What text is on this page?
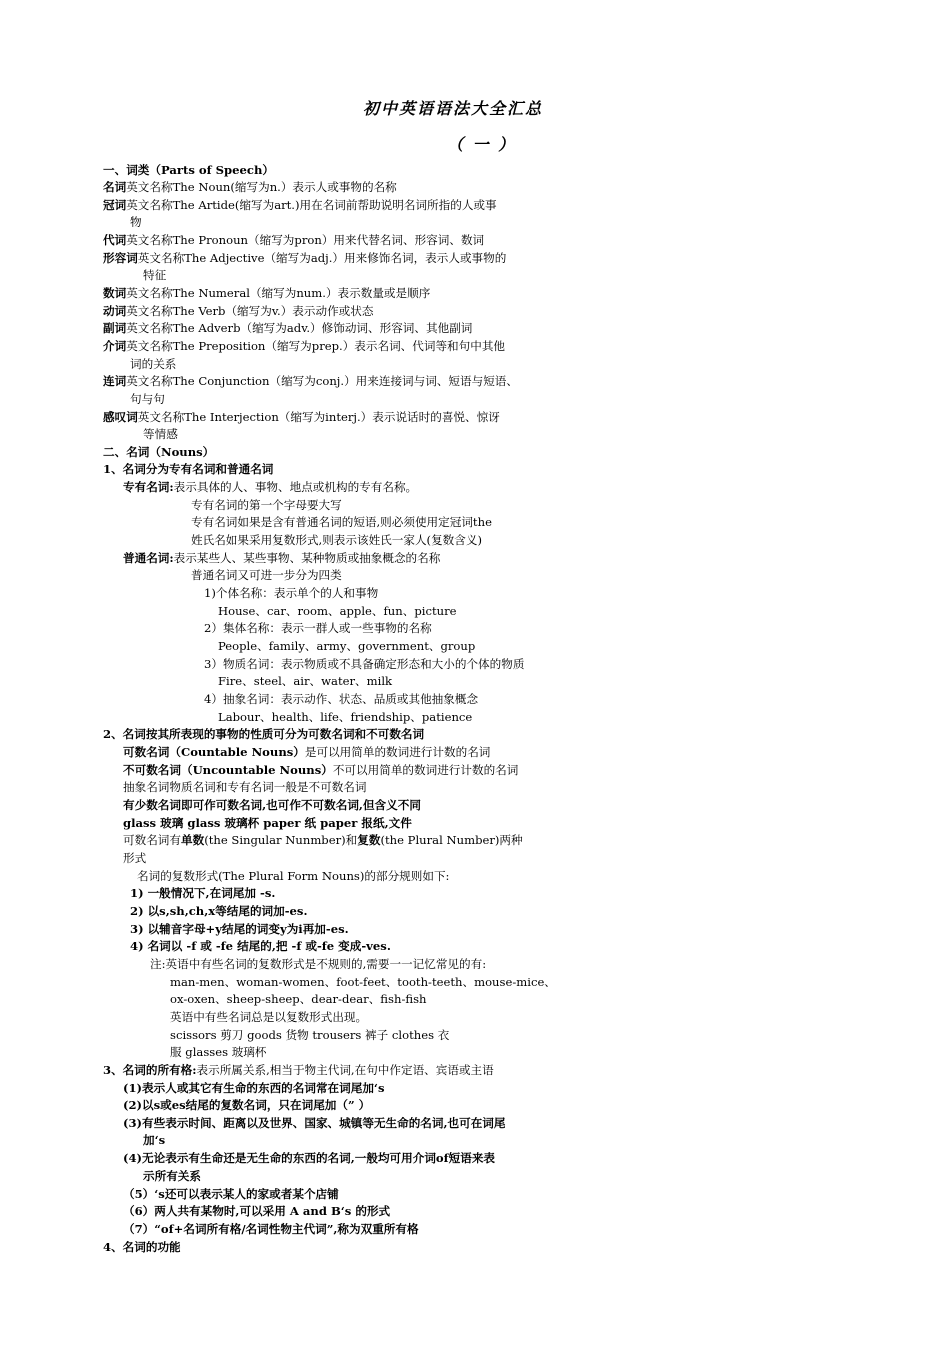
初中英语语法大全汇总
（ 一 ）
一、词类（Parts of Speech）
名词英文名称The Noun(缩写为n.）表示人或事物的名称
冠词英文名称The Artide(缩写为art.)用在名词前帮助说明名词所指的人或事
物
代词英文名称The Pronoun（缩写为pron）用来代替名词、形容词、数词
形容词英文名称The Adjective（缩写为adj.）用来修饰名词，表示人或事物的
特征
数词英文名称The Numeral（缩写为num.）表示数量或是顺序
动词英文名称The Verb（缩写为v.）表示动作或状态
副词英文名称The Adverb（缩写为adv.）修饰动词、形容词、其他副词
介词英文名称The Preposition（缩写为prep.）表示名词、代词等和句中其他
词的关系
连词英文名称The Conjunction（缩写为conj.）用来连接词与词、短语与短语、
句与句
感叹词英文名称The Interjection（缩写为interj.）表示说话时的喜悦、惊讶
等情感
二、名词（Nouns）
1、名词分为专有名词和普通名词
专有名词:表示具体的人、事物、地点或机构的专有名称。
专有名词的第一个字母要大写
专有名词如果是含有普通名词的短语,则必须使用定冠词the
姓氏名如果采用复数形式,则表示该姓氏一家人(复数含义)
普通名词:表示某些人、某些事物、某种物质或抽象概念的名称
普通名词又可进一步分为四类
1)个体名称：表示单个的人和事物
House、car、room、apple、fun、picture
2）集体名称：表示一群人或一些事物的名称
People、family、army、government、group
3）物质名词：表示物质或不具备确定形态和大小的个体的物质
Fire、steel、air、water、milk
4）抽象名词：表示动作、状态、品质或其他抽象概念
Labour、health、life、friendship、patience
2、名词按其所表现的事物的性质可分为可数名词和不可数名词
可数名词（Countable Nouns）是可以用简单的数词进行计数的名词
不可数名词（Uncountable Nouns）不可以用简单的数词进行计数的名词
抽象名词物质名词和专有名词一般是不可数名词
有少数名词即可作可数名词,也可作不可数名词,但含义不同
glass 玻璃 glass 玻璃杯 paper 纸 paper 报纸,文件
可数名词有单数(the Singular Nunmber)和复数(the Plural Number)两种
形式
名词的复数形式(The Plural Form Nouns)的部分规则如下:
1) 一般情况下,在词尾加 -s.
2) 以s,sh,ch,x等结尾的词加-es.
3) 以辅音字母+y结尾的词变y为i再加-es.
4) 名词以 -f 或 -fe 结尾的,把 -f 或-fe 变成-ves.
注:英语中有些名词的复数形式是不规则的,需要一一记忆常见的有:
man-men、woman-women、foot-feet、tooth-teeth、mouse-mice、
ox-oxen、sheep-sheep、dear-dear、fish-fish
英语中有些名词总是以复数形式出现。
scissors 剪刀 goods 货物 trousers 裤子 clothes 衣
服 glasses 玻璃杯
3、名词的所有格:表示所属关系,相当于物主代词,在句中作定语、宾语或主语
(1)表示人或其它有生命的东西的名词常在词尾加‘s
(2)以s或es结尾的复数名词，只在词尾加（” ）
(3)有些表示时间、距离以及世界、国家、城镇等无生命的名词,也可在词尾
加‘s
(4)无论表示有生命还是无生命的东西的名词,一般均可用介词of短语来表
示所有关系
（5）‘s还可以表示某人的家或者某个店铺
（6）两人共有某物时,可以采用 A and B‘s 的形式
（7）“of+名词所有格/名词性物主代词”,称为双重所有格
4、名词的功能
